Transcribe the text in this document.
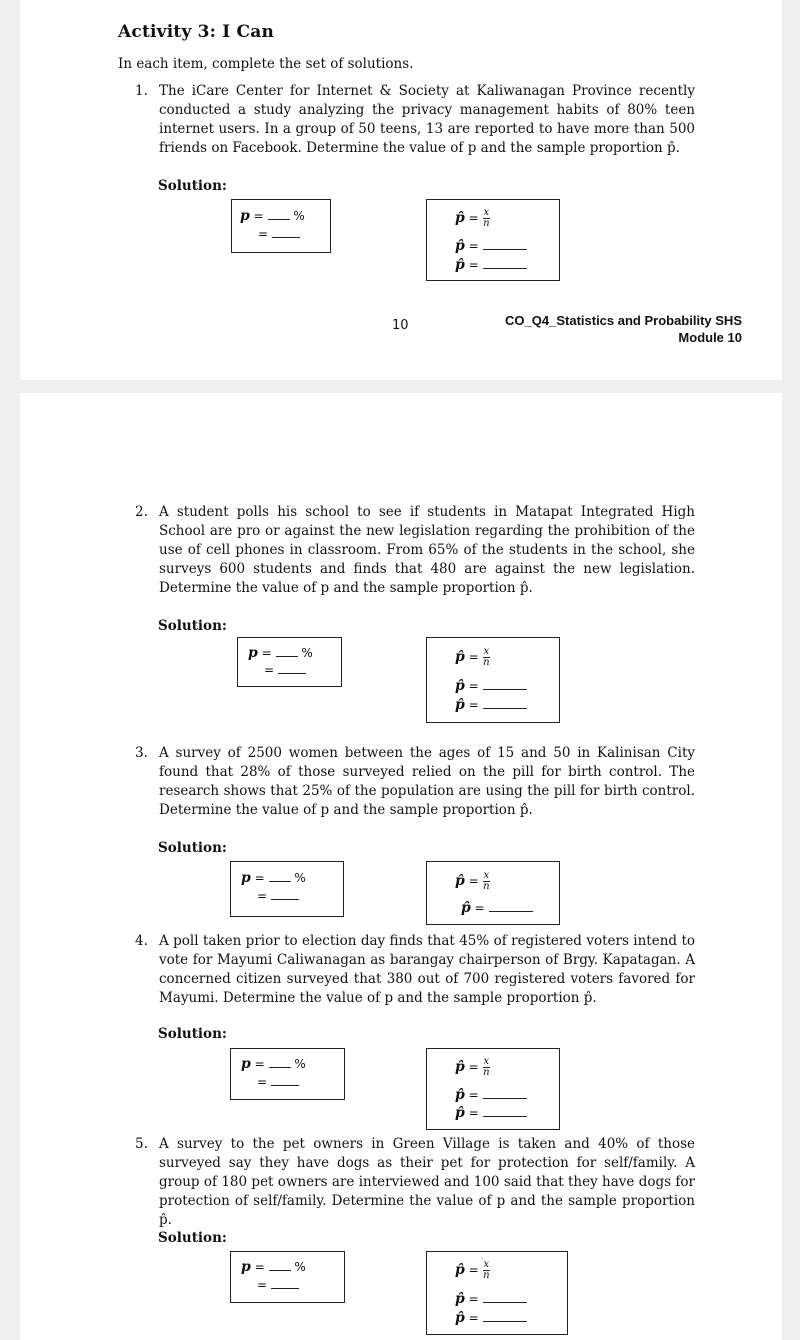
Activity 3: I Can

In each item, complete the set of solutions.

1. The iCare Center for Internet & Society at Kaliwanagan Province recently conducted a study analyzing the privacy management habits of 80% teen internet users. In a group of 50 teens, 13 are reported to have more than 500 friends on Facebook. Determine the value of p and the sample proportion p̂.

Solution:
p = %
=
p̂ = $\frac{x}{n}$
p̂ =
p̂ =
10	CO_Q4_Statistics and Probability SHS
Module 10
2. A student polls his school to see if students in Matapat Integrated High School are pro or against the new legislation regarding the prohibition of the use of cell phones in classroom. From 65% of the students in the school, she surveys 600 students and finds that 480 are against the new legislation. Determine the value of p and the sample proportion p̂.

Solution:
p = %
=
p̂ = $\frac{x}{n}$
p̂ =
p̂ =
3. A survey of 2500 women between the ages of 15 and 50 in Kalinisan City found that 28% of those surveyed relied on the pill for birth control. The research shows that 25% of the population are using the pill for birth control. Determine the value of p and the sample proportion p̂.

Solution:
p = %
=
p̂ = $\frac{x}{n}$
p̂ =
4. A poll taken prior to election day finds that 45% of registered voters intend to vote for Mayumi Caliwanagan as barangay chairperson of Brgy. Kapatagan. A concerned citizen surveyed that 380 out of 700 registered voters favored for Mayumi. Determine the value of p and the sample proportion p̂.

Solution:
p = %
=
p̂ = $\frac{x}{n}$
p̂ =
p̂ =
5. A survey to the pet owners in Green Village is taken and 40% of those surveyed say they have dogs as their pet for protection for self/family. A group of 180 pet owners are interviewed and 100 said that they have dogs for protection of self/family. Determine the value of p and the sample proportion p̂.

Solution:
p = %
=
p̂ = $\frac{x}{n}$
p̂ =
p̂ =
